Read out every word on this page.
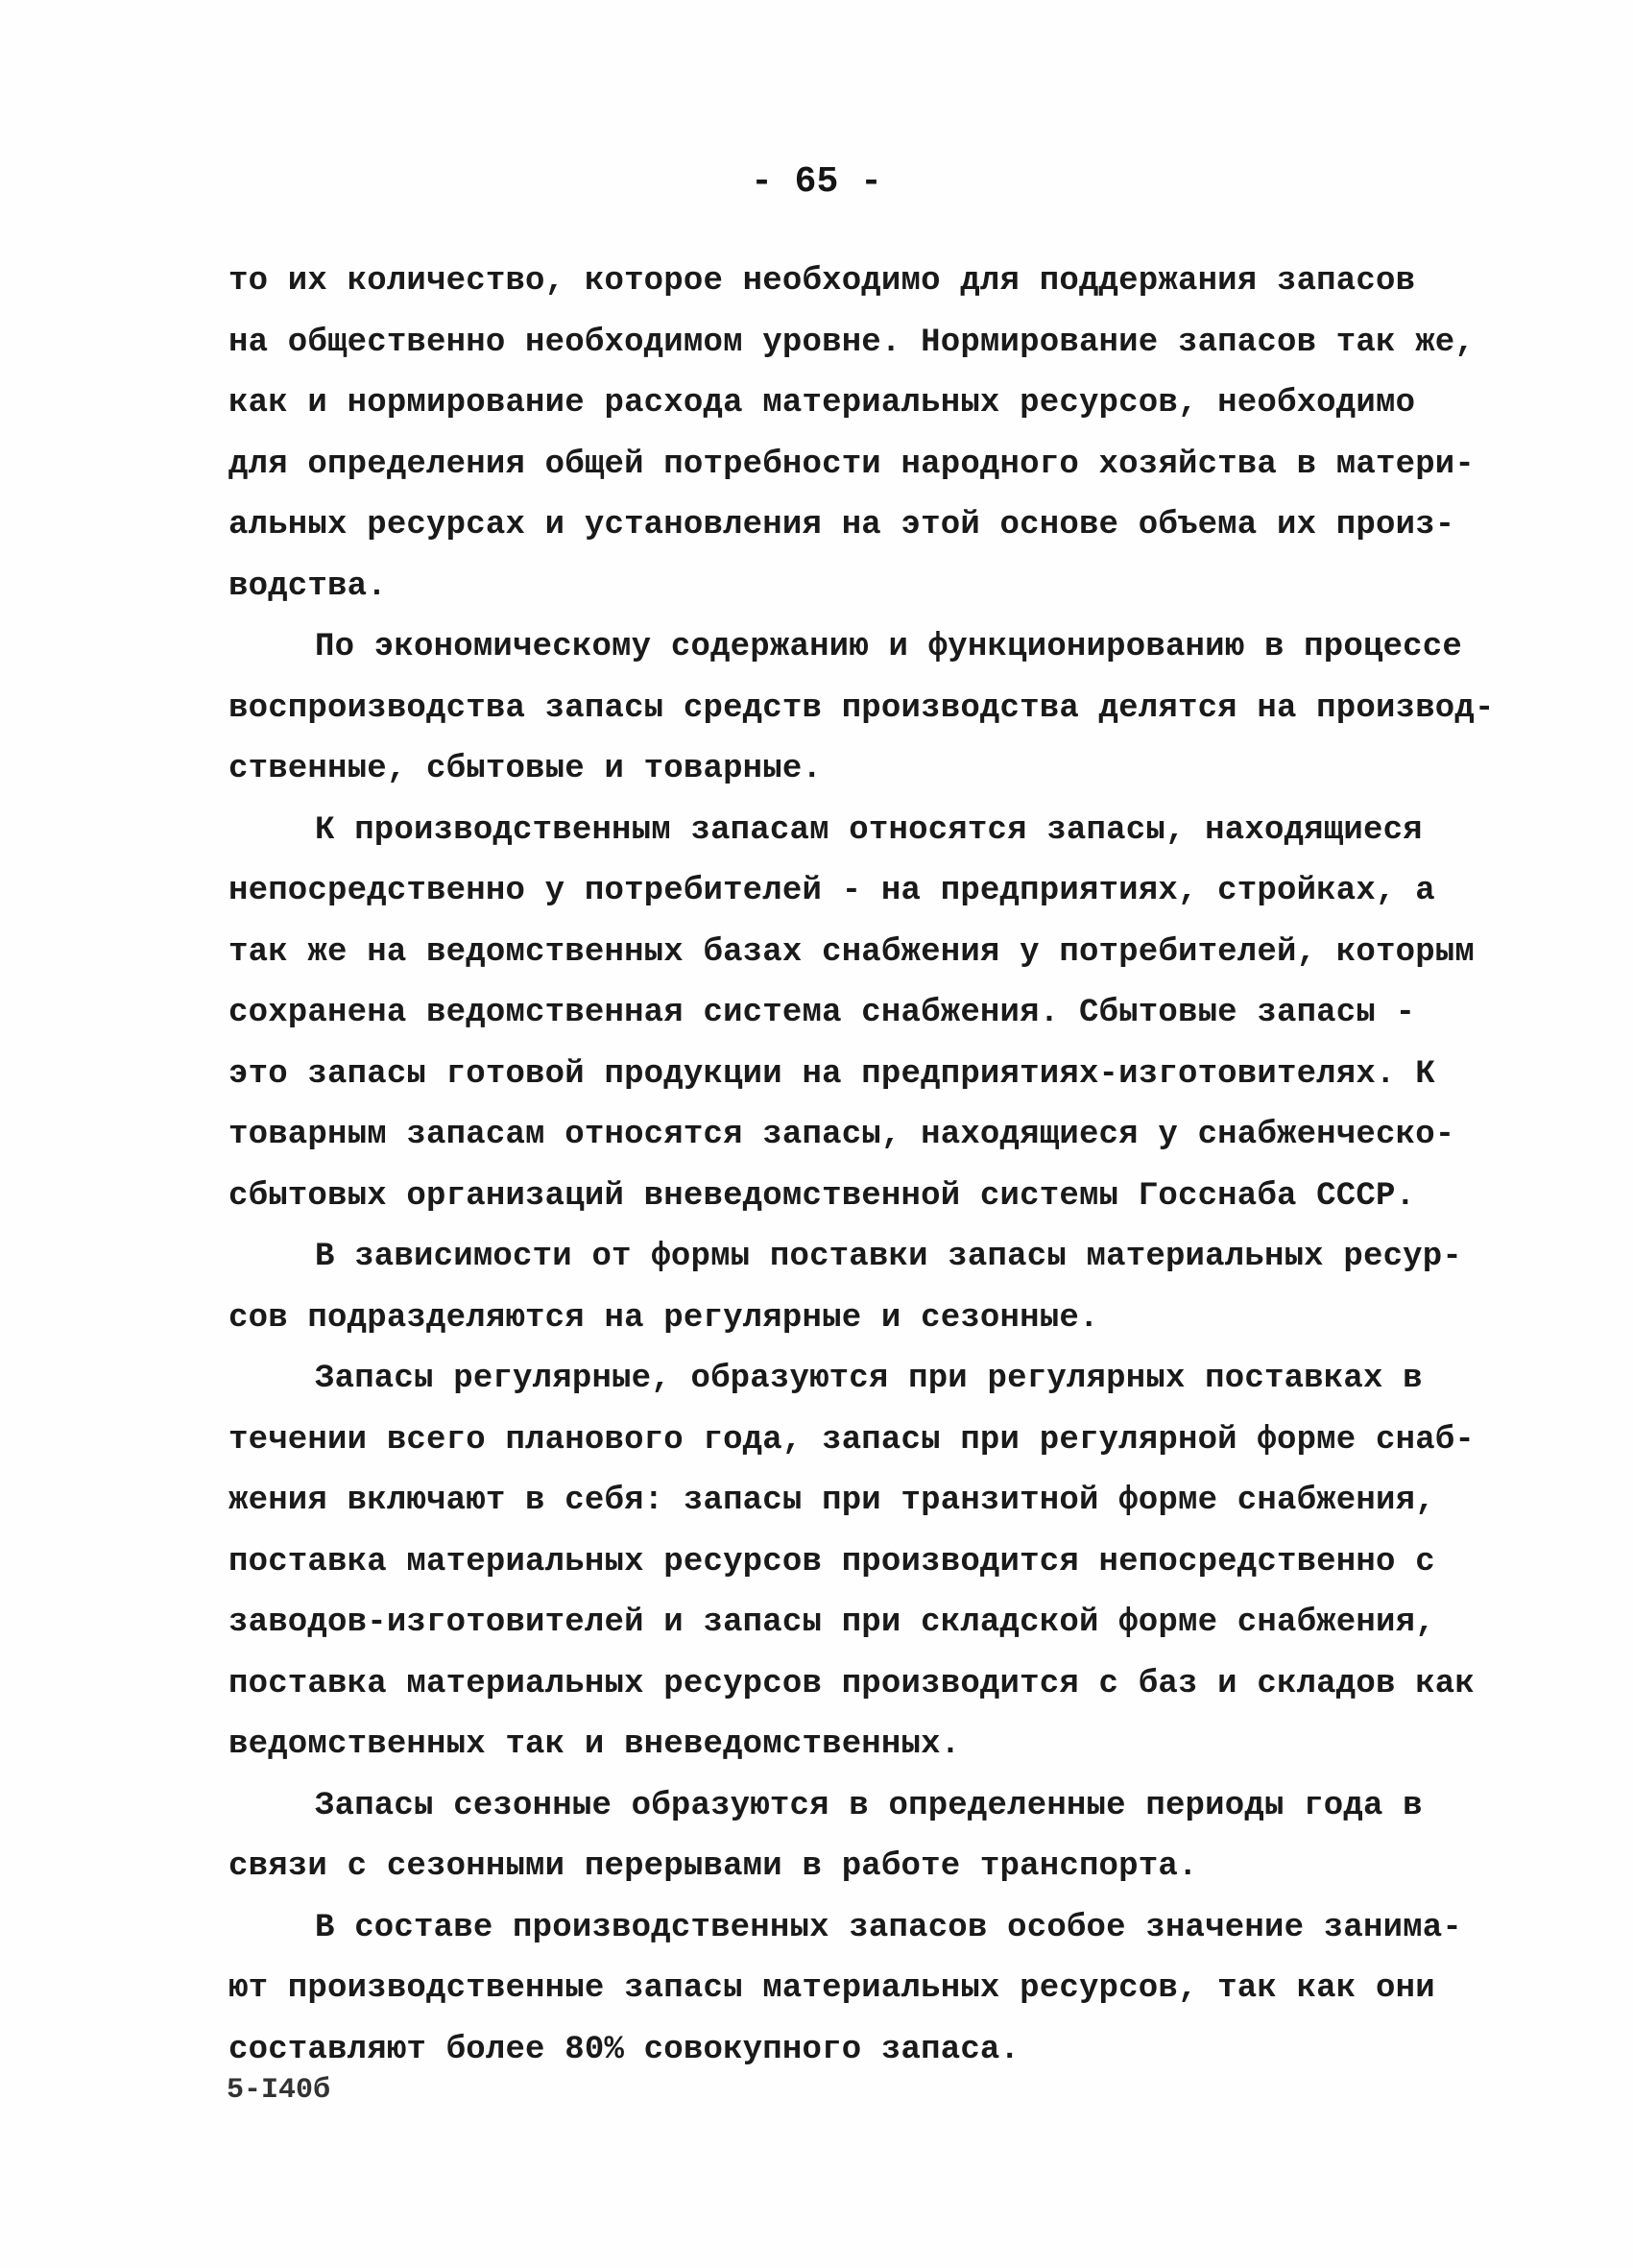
- 65 -
то их количество, которое необходимо для поддержания запасов
на общественно необходимом уровне. Нормирование запасов так же,
как и нормирование расхода материальных ресурсов, необходимо
для определения общей потребности народного хозяйства в матери-
альных ресурсах и установления на этой основе объема их произ-
водства.
По экономическому содержанию и функционированию в процессе
воспроизводства запасы средств производства делятся на производ-
ственные, сбытовые и товарные.
К производственным запасам относятся запасы, находящиеся
непосредственно у потребителей - на предприятиях, стройках, а
так же на ведомственных базах снабжения у потребителей, которым
сохранена ведомственная система снабжения. Сбытовые запасы -
это запасы готовой продукции на предприятиях-изготовителях. К
товарным запасам относятся запасы, находящиеся у снабженческо-
сбытовых организаций вневедомственной системы Госснаба СССР.
В зависимости от формы поставки запасы материальных ресур-
сов подразделяются на регулярные и сезонные.
Запасы регулярные, образуются при регулярных поставках в
течении всего планового года, запасы при регулярной форме снаб-
жения включают в себя: запасы при транзитной форме снабжения,
поставка материальных ресурсов производится непосредственно с
заводов-изготовителей и запасы при складской форме снабжения,
поставка материальных ресурсов производится с баз и складов как
ведомственных так и вневедомственных.
Запасы сезонные образуются в определенные периоды года в
связи с сезонными перерывами в работе транспорта.
В составе производственных запасов особое значение занима-
ют производственные запасы материальных ресурсов, так как они
составляют более 80% совокупного запаса.
5-I40б
